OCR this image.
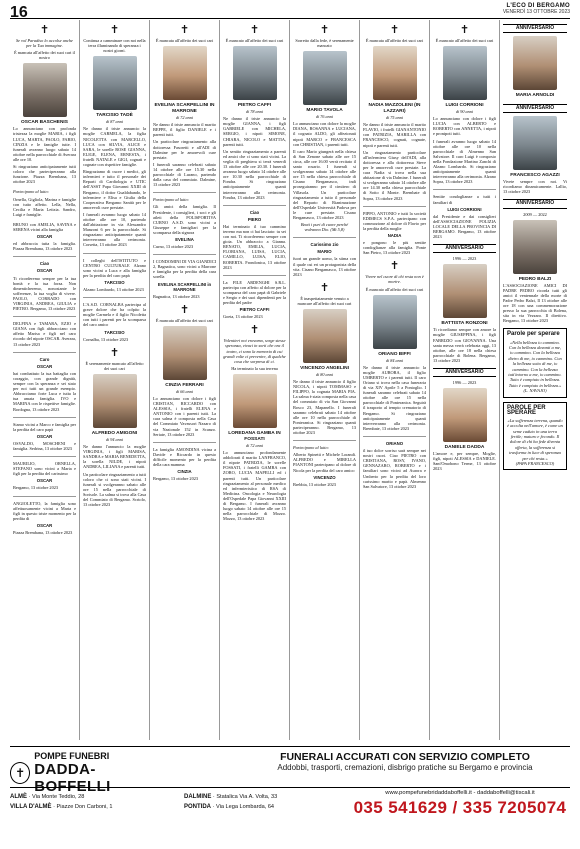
16	L'ECO DI BERGAMO
VENERDÌ 13 OTTOBRE 2023
✝

Se vol Paradiso lo accolse anche per la Tua immagine.

È mancata all'affetto dei suoi cari il nostro

OSCAR BASCHENIS

Lo annunciano con profonda tristezza la moglie MARIA, i figli LUCA, MARTA, PAOLO, FABIO, CINZIA e le famiglie tutte. I funerali avranno luogo sabato 14 ottobre nella parrocchiale di Averara alle ore 10.

Si ringraziano anticipatamente tutti coloro che parteciperanno alla funzione. Piazza Brembana, 13 ottobre 2023

Partecipano al lutto:

Ornella, Gigliola, Marina e famiglie con tutto affetto. Lella, Nella, Cecilia e Maria Letizia. Sandro, Luigi e famiglie.

BRUNO con AMELIA, SAVINA e SERENA vicini alla famiglia

OSCAR

ed abbraccia tutta la famiglia. Piazza Brembana, 13 ottobre 2023

Ciao
OSCAR

Ti ricorderemo sempre per la tua bontà e la tua forza. Non dimenticheremo, nonostante le sofferenze, la tua voglia di vivere. PAOLO, CORRADO con VIRGINIA, ANDREA, GIULIA e PIETRO. Bergamo, 13 ottobre 2023

DELFINA e TAMARA, EZIO e GIANA con figli abbracciano con affetto Marisa e figli nel caro ricordo del nipote OSCAR. Averara, 13 ottobre 2023

Caro
OSCAR

hai combattuto la tua battaglia con coraggio, con grande dignità, sempre con la speranza e sei stato per noi tutti un grande esempio. Abbracciamo forte Luca e tutta la tua amata famiglia. IVO e MARINA con le rispettive famiglie. Bordogna, 13 ottobre 2023

Siamo vicini a Marco e famiglia per la perdita del caro papà

OSCAR

OSVALDO, MOSCHENI e famiglia. Sedrina, 13 ottobre 2023

MAURILIO, ORNELLA, STEFANO sono vicini a Marta e figli per la perdita del carissimo

OSCAR

Bergamo, 13 ottobre 2023

ANGIOLETTO, la famiglia sono affettuosamente vicini a Marta e figli in questo triste momento per la perdita di

OSCAR

Piazza Brembana, 13 ottobre 2023

✝

Continua a camminare con noi nella terra illuminando di speranza i nostri giorni.

TARCISIO TADÈ
di 87 anni

Ne danno il triste annuncio la moglie CARMELA, la figlia NICOLETTA con MARCELLO, LUCA con SILVIA, ALICE e SARA, le sorelle ROSE GIANNA, ELIGE, ELENA, ERNESTA, i fratelli NATALE e GIGI, cognati e cognate con rispettive famiglie.

Ringraziamo di cuore i medici, gli infermieri e tutto il personale dei Reparti di Cardiologia e UTIC dell'ASST Papa Giovanni XXIII di Bergamo, il dottor Gualdabando, le infermiere e Elisa e Giulia della Cooperativa Bergamo Sanità per le amorevoli cure prestate.

I funerali avranno luogo sabato 14 ottobre alle ore 10, partendo dall'abitazione in via Alessandro Manzoni 6 per la parrocchiale. Si ringraziano anticipatamente quanti interverranno alla cerimonia. Corsetta, 13 ottobre 2023

I colleghi dell'ISTITUTO e CENTRO CULTURALE Alzano sono vicini a Luca e alla famiglia per la perdita del caro papà

TARCISIO

Alzano Lombardo, 13 ottobre 2023

L'A.S.D. CORNALBA partecipa al grave dolore che ha colpito la moglie Carmela e il figlio Nicoletta con tutti i parenti per la scomparsa del caro amico

TARCISIO

Cornalba, 13 ottobre 2023

✝

È serenamente mancato all'affetto dei suoi cari

ALFREDO AMIGONI
di 94 anni

Ne danno l'annuncio la moglie VIRGINIA, i figli MARISA, SANDRA e MARIA BENEDETTA, la sorella NILDE, i nipoti ANDREA, LILIANA e parenti tutti.

Un particolare ringraziamento a tutti coloro che ci sono stati vicini. I funerali si svolgeranno sabato alle ore 15 nella parrocchiale di Sorisole. La salma si trova alla Casa del Commiato di Bergamo. Scriolo, 13 ottobre 2023

✝

È mancata all'affetto dei suoi cari

EVELINA SCARPELLINI IN MARRONE
di 72 anni

Ne danno il triste annuncio il marito BEPPE, il figlio DANIELE e i parenti tutti.

Un particolare ringraziamento alla dottoressa Fasoretti e all'ADI di Dalmine per le amorevoli cure prestate.

I funerali saranno celebrati sabato 14 ottobre alle ore 15.30 nella parrocchiale di Lurano, partendo dalla casa del commiato. Dalmine, 13 ottobre 2023

Partecipano al lutto:

Gli amici della famiglia. Il Presidente, i consiglieri, i soci e gli atleti della POLISPORTIVA CURNO A.S.D. sono vicini a Giuseppe e famigliari per la scomparsa della signora

EVELINA

Curno, 13 ottobre 2023

I CONDOMINI DI VIA GIANDICI 2, Bagnatica, sono vicini a Marrone e famiglia per la perdita della cara sorella

EVELINA SCARPELLINI in MARRONE

Bagnatica, 13 ottobre 2023

✝

È mancata all'affetto dei suoi cari

CINZIA FERRARI
di 66 anni

Lo annunciano con dolore i figli CRISTIAN, RICCARDO con ALESSIA, i fratelli ELENA e ANTONIO con i parenti tutti. La cara salma è composta nella Casa del Commiato Vavassori Nazaro di via Nazionale 152 in Scanzo. Seriate, 13 ottobre 2023

La famiglia AMONDINA vicina a Davide e Riccardo in questo difficile momento per la perdita della cara mamma

CINZIA

Bergamo, 13 ottobre 2023

✝

È mancato all'affetto dei suoi cari

PIETRO CAFFI
di 78 anni

Ne danno il triste annuncio la moglie GIANNA, i figli GABRIELE con MICHELA, SERGIO, i nipoti SIMONE, CHIARA, NICOLO e MATTIA, parenti tutti.

Un sentito ringraziamento a parenti ed amici che ci sono stati vicini. La veglia di preghiera si terrà venerdì 13 ottobre alle ore 20.30. I funerali avranno luogo sabato 14 ottobre alle ore 10.30 nella parrocchiale di Fondra. Si ringraziano anticipatamente quanti interverranno alla cerimonia. Fondra, 13 ottobre 2023

Ciao
PIERO

Hai terminato il tuo cammino terreno ma non ci hai lasciato: tu sei con noi. Ti ricorderemo sempre con gioia. Un abbraccio a Gianna. RENATO, EMILIA, LUCIA, FLORIANA, LUISA, LUCIA, CAMILLO, LUISA, ELIO, ROBERTA. Frondonica, 13 ottobre 2023

La FILE ARDENGHI S.R.L. partecipa con affetto al dolore per la scomparsa del caro papà di Gabriele e Sergio e dei suoi dipendenti per la perdita del padre

PIETRO CAFFI

Goeta, 13 ottobre 2023

✝

Volentieri noi eravamo, sorge stesse speranza, vivaci in sorti che ora il teatro, ci sono la memoria di cui grandi volte ci prevenire, dì qualche cosa che sorpresa di ci.

Ha terminato la sua terrena

LOREDANA GAMBA IN FOSSATI
di 72 anni

Lo annunciano profondamente addolorati il marito LANFRANCO, il nipote PATRIZIA, le sorelle FOSSATI, i fratelli GAMBA con ZORO, LUCIA MAPELLI ed i parenti tutti. Un particolare ringraziamento al personale medico ed infermieristico di RSA di Medicina. Oncologia e Neurologia dell'Ospedale Papa Giovanni XXIII di Bergamo. I funerali avranno luogo sabato 14 ottobre alle ore 15 nella parrocchiale di Mozzo. Mozzo, 13 ottobre 2023

✝

Sorretto dalla fede, è serenamente mancato

MARIO TAVOLA
di 76 anni

Lo annunciano con dolore la moglie DIANA, ROSANNA e LUCIANA, il cognato ALDO, gli affezionati nipoti MARCO e FRANCESCA con CHRISTIAN, i parenti tutti.

Il caro Mario giungerà nella chiesa di San Zenone sabato alle ore 15 circa, alle ore 16.00 verrà recitato il santo rosario. I funerali si svolgeranno sabato 14 ottobre alle ore 15 nella chiesa parrocchiale di Cisano Bergamasco, indi proseguiranno per il cimitero di Villasola. Un particolare ringraziamento a tutto il personale del Reparto di Rianimazione dell'Ospedale Università Padova per le cure prestate. Cisano Bergamasco, 13 ottobre 2023

Beati i puri di cuore perché vedranno Dio. (Mt 5,8)

Carissimo zio
MARIO

fuori un grande uomo, la stima con il quale cui eri un protagonista della vita. Cisano Bergamasco, 13 ottobre 2023

✝

È inaspettatamente venuto a mancare all'affetto dei suoi cari

VINCENZO ANGELINI
di 80 anni

Ne danno il triste annuncio il figlio NICOLA, i nipoti TOMMASO e FILIPPO, la cognata MARIA PIA. La salma è stata composta nella casa del commiato di via San Giovanni Bosco 23, Mapanello. I funerali saranno celebrati sabato 14 ottobre alle ore 10 nella parrocchiale di Ponteranica. Si ringraziano quanti parteciperanno. Bergamo, 13 ottobre 2023

Partecipano al lutto:

Alberto Spinetti e Michele Lorandi. ALFREDO e MIRELLA PIANTONI partecipano al dolore di Nicola per la perdita del caro amico

VINCENZO

Brebbia, 13 ottobre 2023

✝

È mancata all'affetto dei suoi cari

NADIA MAZZOLENI (IN LAZZARI)
di 75 anni

Ne danno il triste annuncio il marito FLAVIO, i fratelli GIANANTONIO con PATRIZIA, MARILLA con FRANCESCO, cognati, cognate, nipoti e parenti tutti.

Un ringraziamento particolare all'infermiera Giusy dell'ADI, alla dottoressa e alla dottoressa Steve per le amorevoli cure prestate. La cara Nadia si trova nella sua abitazione di via Dalmine. I funerali si svolgeranno sabato 14 ottobre alle ore 14.30 nella chiesa parrocchiale di Sotto il Monte. Brembate di Sopra, 13 ottobre 2023

PIPPO, ANTONIO e tutti la società EDIMECS S.P.A. partecipano con commozione al dolore di Flavio per la perdita della moglie

NADIA

e pongono le più sentite condoglianze alla famiglia. Ponte San Pietro, 13 ottobre 2023

✝

Vivere nel cuore di chi resta non è morire.

È mancato all'affetto dei suoi cari

ORIANO BIFFI
di 84 anni

Ne danno il triste annuncio la moglie AURORA, il figlio UMBERTO e i parenti tutti. Il caro Oriano si trova nella casa funeraria di via XIV Aprile 5 a Pontoglio. I funerali saranno celebrati sabato 14 ottobre alle ore 15 nella parrocchiale di Ponteranica. Seguirà il trasporto al tempio crematorio di Bergamo. Si ringraziano anticipatamente quanti interverranno alla cerimonia. Brembate, 13 ottobre 2023

ORIANO

il tuo dolce sorriso sarà sempre nei nostri cuori. Ciao PIETRO con CRISTIANA, ROSY, IVANO, GENNAZARO, ROBERTO e i familiari sono vicini ad Aurora e Umberto per la perdita del loro carissimo marito e papà. Almenno San Salvatore, 13 ottobre 2023

✝

È mancato all'affetto dei suoi cari

LUIGI CORRIONI
di 90 anni

Lo annunciano con dolore i figli LUCIA con ALBERTO e ROBERTO con ANNETTA, i nipoti e pronipoti tutti.

I funerali avranno luogo sabato 14 ottobre alle ore 10 nella parrocchiale di Almenno San Salvatore. Il caro Luigi è composto nella Fondazione Martino Zanchi di Alzano Lombardo. Si ringraziano anticipatamente quanti interverranno alla cerimonia. Alzano Sopra, 13 ottobre 2023

Sentite condoglianze a tutti i familiari di

LUIGI CORRIONI

dal Presidente e dai consiglieri dell'ASSOCIAZIONE POLIZIA LOCALE DELLA PROVINCIA DI BERGAMO. Bergamo, 13 ottobre 2023

ANNIVERSARIO
1996 — 2023
BATTISTA RONZONI

Ti ricordiamo sempre con amore la moglie GIUSEPPINA, i figli FABRIZIO con GIOVANNA. Una santa messa verrà celebrata oggi, 13 ottobre, alle ore 18 nella chiesa parrocchiale di Bolena. Bergamo, 13 ottobre 2023

ANNIVERSARIO
1996 — 2023
DANIELE DADDA

L'amore e, per sempre, Moglie, figli, nipoti ALESSIA e DANIELE. Sant'Omobono Terme, 13 ottobre 2023

ANNIVERSARIO
MARIA ARNOLDI
ANNIVERSARIO
FRANCESCO AGAZZI

Vivete sempre con noi. Vi ricordiamo dinamicamente. Lallio, 13 ottobre 2023

ANNIVERSARIO
2009 — 2022
PEDRO BALZI

L'ASSOCIAZIONE AMICI DI PADRE PEDRO ricorda tutti gli amici il ventennale della morte di Padre Pedro Balzi, Il 13 ottobre alle ore 18 con una commemorazione presso la sua parrocchia di Bolena, sita in via Vezzaro. Il direttivo. Bergamo, 13 ottobre 2023

Parole per sperare

«Nella bellezza io cammino. Con la bellezza davanti a me, io cammino. Con la bellezza dietro di me, io cammino. Con la bellezza sotto di me, io cammino. Con la bellezza tutt'intorno a me, io cammino. Tutto è compiuto in bellezza. Tutto è compiuto in bellezza.»

(L. NAVAJO)

PAROLE PER SPERARE

«La sofferenza terrena, quando è accolta nell'amore, è come un seme caduto in una terra fertile; maturo e fecondo. Il dolore di chi ha fede diventa offerta, la sofferenza si trasforma in luce di speranza per chi resta.»

(PAPA FRANCESCO)

✝
POMPE FUNEBRI
DADDA-BOFFELLI
FUNERALI ACCURATI CON SERVIZIO COMPLETO
Addobbi, trasporti, cremazioni, disbrigo pratiche su Bergamo e provincia
ALMÈ · Via Monte Teddio, 28	DALMINE · Statalica Via A. Volta, 33
VILLA D'ALMÈ · Piazze Don Carboni, 1	PONTIDA · Via Lega Lombarda, 64
www.pompefunebridaddaboffelli.it - daddaboffelli@tiscali.it
035 541629 / 335 7205074
